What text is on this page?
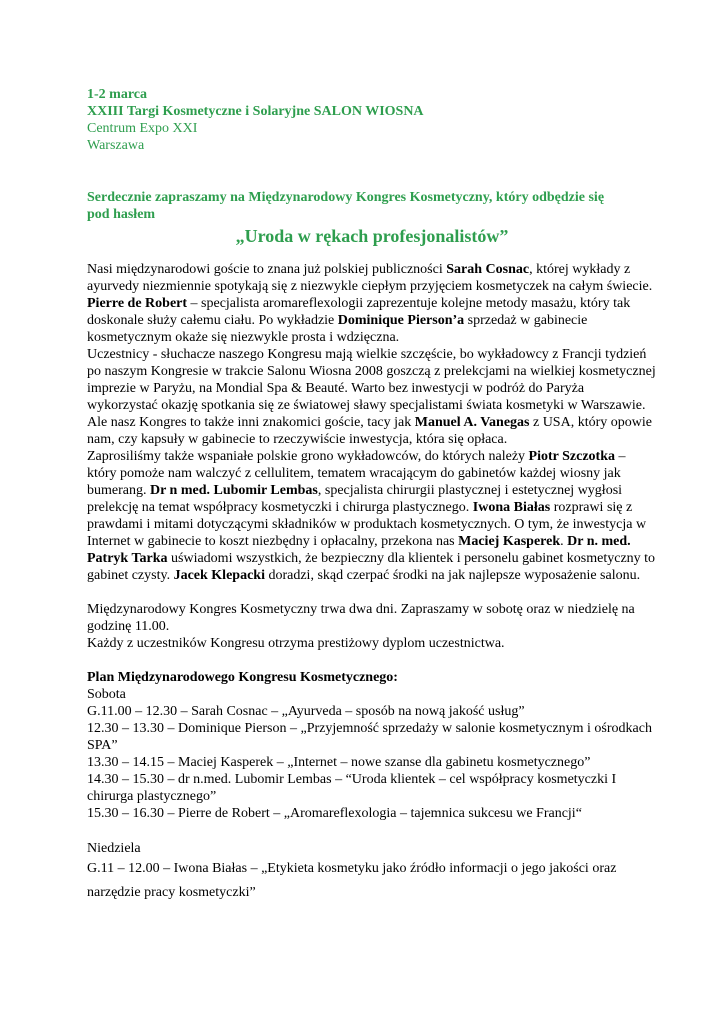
1-2 marca
XXIII Targi Kosmetyczne i Solaryjne SALON WIOSNA
Centrum Expo XXI
Warszawa
Serdecznie zapraszamy na Międzynarodowy Kongres Kosmetyczny, który odbędzie się
pod hasłem
„Uroda w rękach profesjonalistów”

Nasi międzynarodowi goście to znana już polskiej publiczności Sarah Cosnac, której wykłady z ayurvedy niezmiennie spotykają się z niezwykle ciepłym przyjęciem kosmetyczek na całym świecie. Pierre de Robert – specjalista aromareflexologii zaprezentuje kolejne metody masażu, który tak doskonale służy całemu ciału. Po wykładzie Dominique Pierson’a sprzedaż w gabinecie kosmetycznym okaże się niezwykle prosta i wdzięczna.

Uczestnicy - słuchacze naszego Kongresu mają wielkie szczęście, bo wykładowcy z Francji tydzień po naszym Kongresie w trakcie Salonu Wiosna 2008 goszczą z prelekcjami na wielkiej kosmetycznej imprezie w Paryżu, na Mondial Spa & Beauté. Warto bez inwestycji w podróż do Paryża wykorzystać okazję spotkania się ze światowej sławy specjalistami świata kosmetyki w Warszawie.

Ale nasz Kongres to także inni znakomici goście, tacy jak Manuel A. Vanegas z USA, który opowie nam, czy kapsuły w gabinecie to rzeczywiście inwestycja, która się opłaca.

Zaprosiliśmy także wspaniałe polskie grono wykładowców, do których należy Piotr Szczotka – który pomoże nam walczyć z cellulitem, tematem wracającym do gabinetów każdej wiosny jak bumerang. Dr n med. Lubomir Lembas, specjalista chirurgii plastycznej i estetycznej wygłosi prelekcję na temat współpracy kosmetyczki i chirurga plastycznego. Iwona Białas rozprawi się z prawdami i mitami dotyczącymi składników w produktach kosmetycznych. O tym, że inwestycja w Internet w gabinecie to koszt niezbędny i opłacalny, przekona nas Maciej Kasperek. Dr n. med. Patryk Tarka uświadomi wszystkich, że bezpieczny dla klientek i personelu gabinet kosmetyczny to gabinet czysty. Jacek Klepacki doradzi, skąd czerpać środki na jak najlepsze wyposażenie salonu.

Międzynarodowy Kongres Kosmetyczny trwa dwa dni. Zapraszamy w sobotę oraz w niedzielę na godzinę 11.00.

Każdy z uczestników Kongresu otrzyma prestiżowy dyplom uczestnictwa.

Plan Międzynarodowego Kongresu Kosmetycznego:

Sobota

G.11.00 – 12.30 – Sarah Cosnac – „Ayurveda – sposób na nową jakość usług”

12.30 – 13.30 – Dominique Pierson – „Przyjemność sprzedaży w salonie kosmetycznym i ośrodkach SPA”

13.30 – 14.15 – Maciej Kasperek – „Internet – nowe szanse dla gabinetu kosmetycznego”

14.30 – 15.30 – dr n.med. Lubomir Lembas – “Uroda klientek – cel współpracy kosmetyczki I chirurga plastycznego”

15.30 – 16.30 – Pierre de Robert – „Aromareflexologia – tajemnica sukcesu we Francji“

Niedziela

G.11 – 12.00 – Iwona Białas – „Etykieta kosmetyku jako źródło informacji o jego jakości oraz narzędzie pracy kosmetyczki”
